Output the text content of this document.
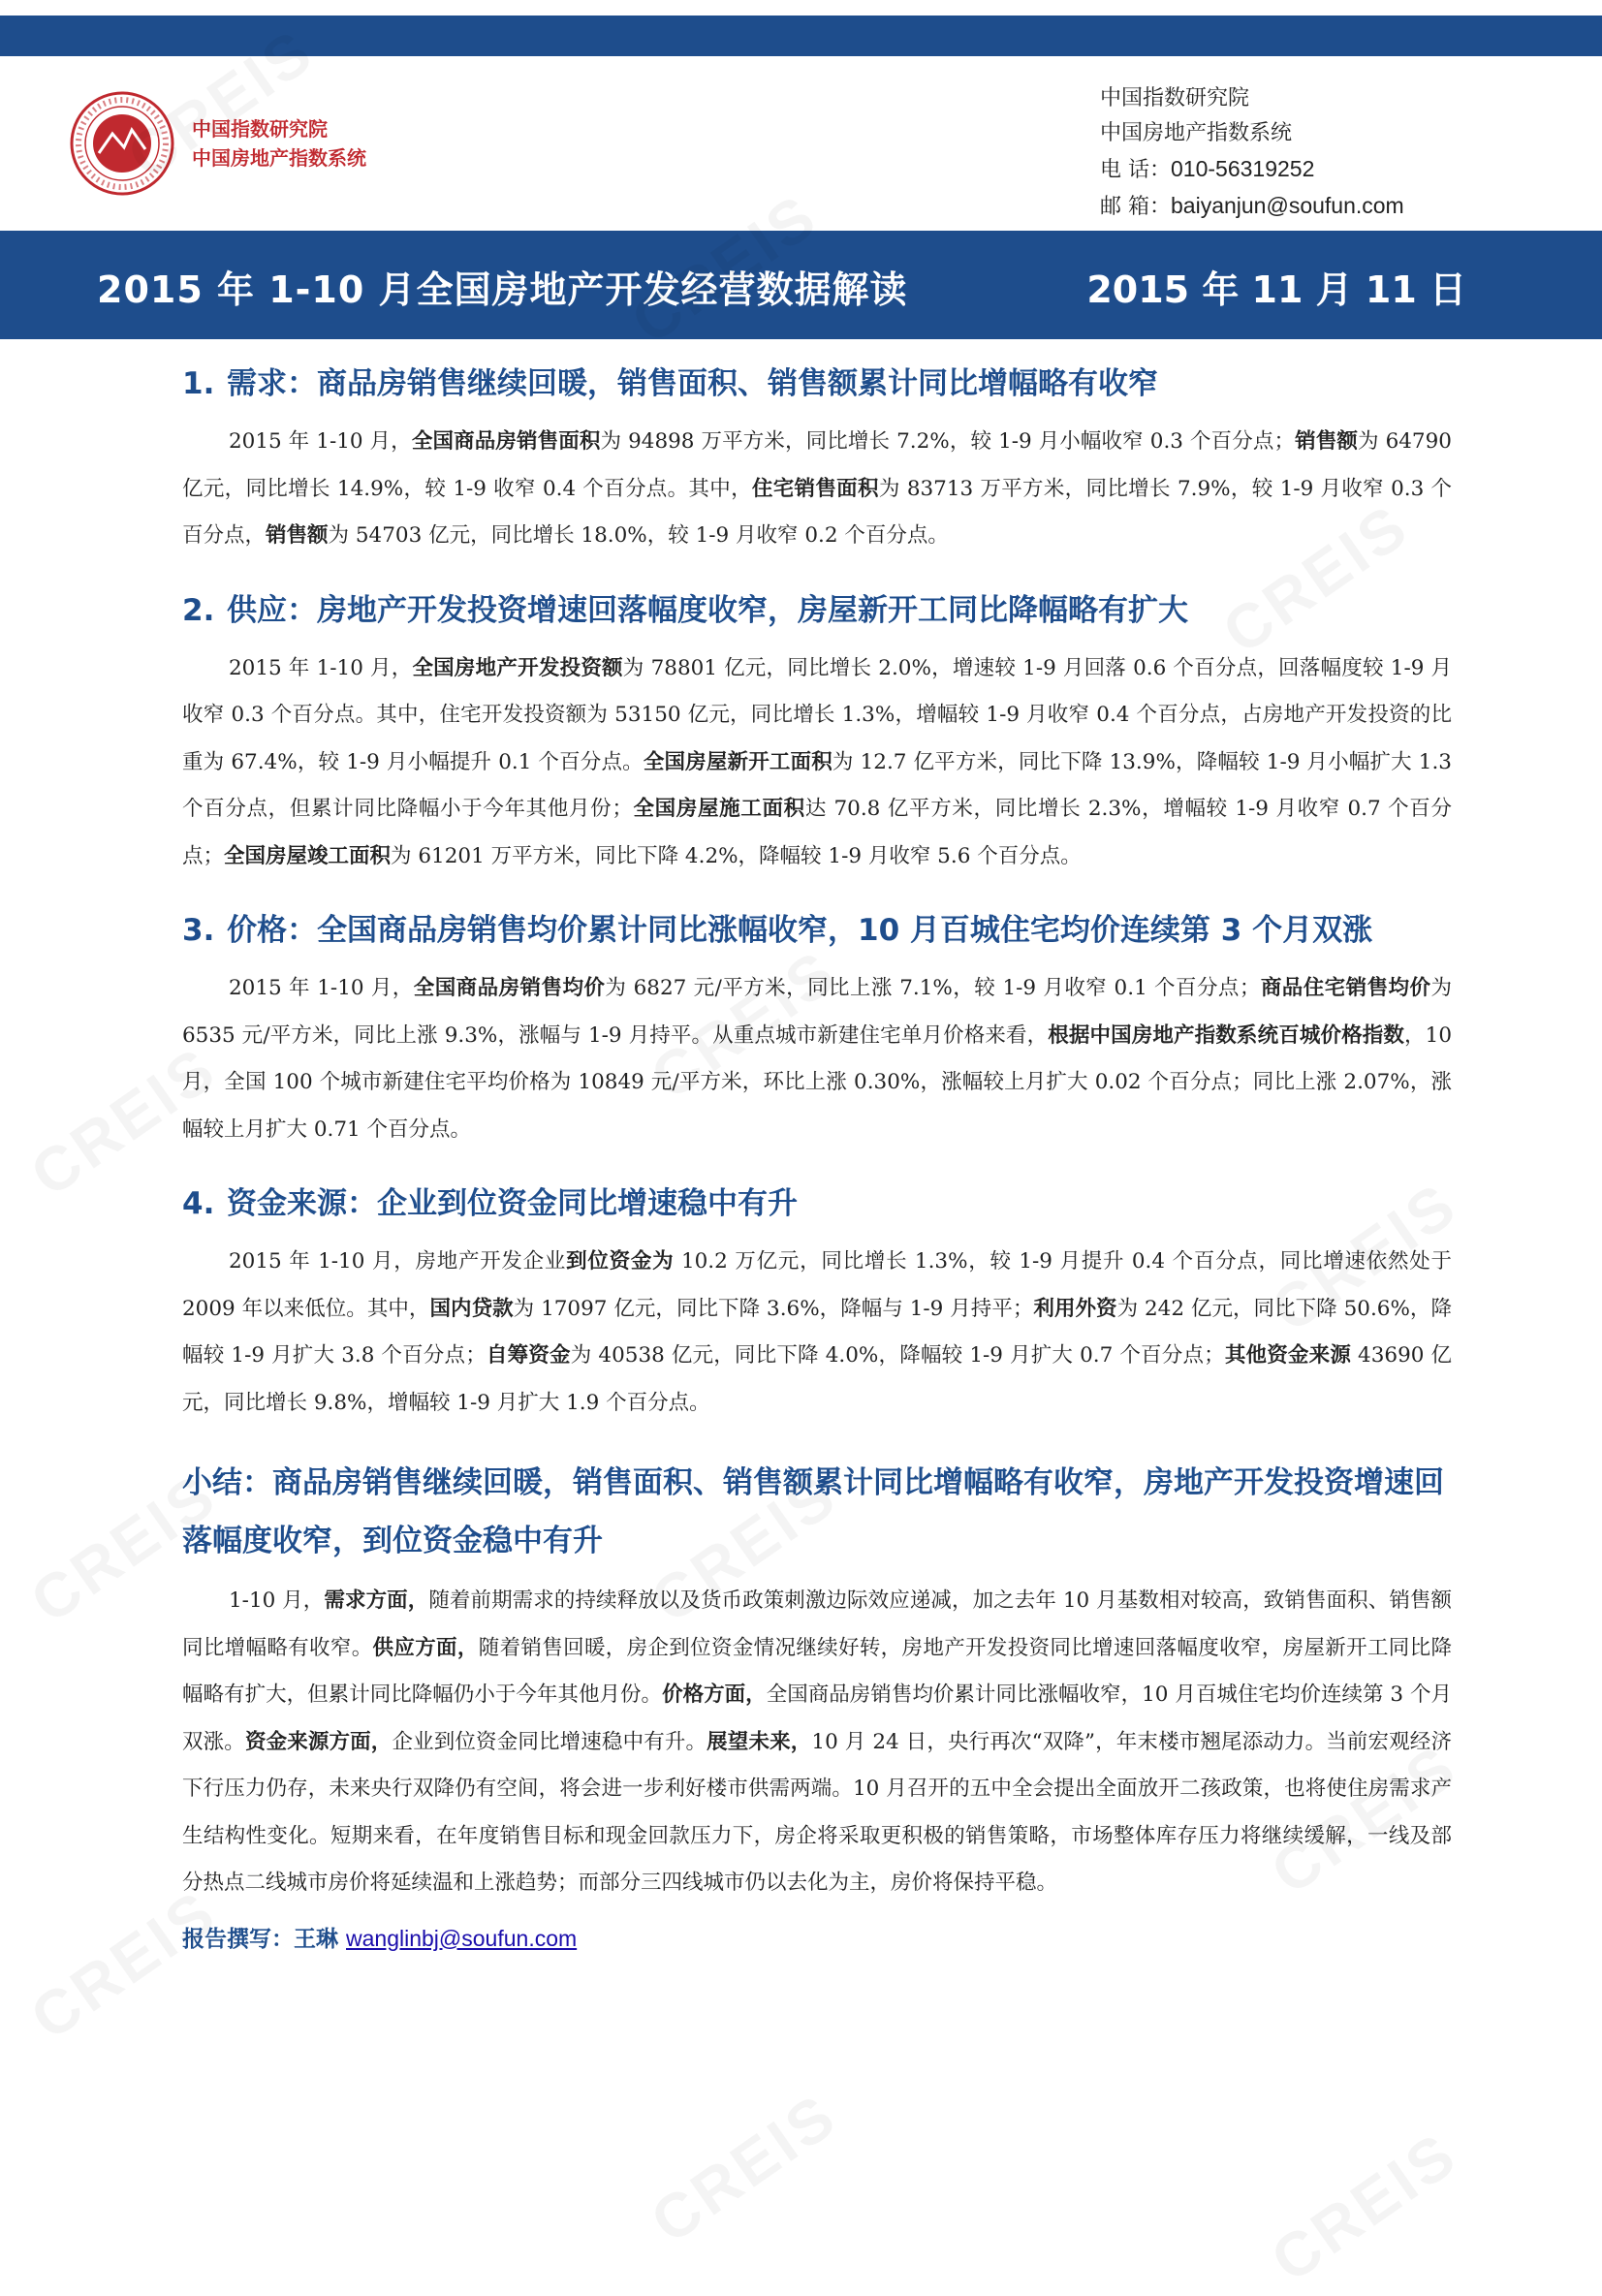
中国指数研究院
中国房地产指数系统
中国指数研究院
中国房地产指数系统
电 话：010-56319252
邮 箱：baiyanjun@soufun.com
2015 年 1-10 月全国房地产开发经营数据解读	2015 年 11 月 11 日
1. 需求：商品房销售继续回暖，销售面积、销售额累计同比增幅略有收窄

2015 年 1-10 月，全国商品房销售面积为 94898 万平方米，同比增长 7.2%，较 1-9 月小幅收窄 0.3 个百分点；销售额为 64790 亿元，同比增长 14.9%，较 1-9 收窄 0.4 个百分点。其中，住宅销售面积为 83713 万平方米，同比增长 7.9%，较 1-9 月收窄 0.3 个百分点，销售额为 54703 亿元，同比增长 18.0%，较 1-9 月收窄 0.2 个百分点。

2. 供应：房地产开发投资增速回落幅度收窄，房屋新开工同比降幅略有扩大

2015 年 1-10 月，全国房地产开发投资额为 78801 亿元，同比增长 2.0%，增速较 1-9 月回落 0.6 个百分点，回落幅度较 1-9 月收窄 0.3 个百分点。其中，住宅开发投资额为 53150 亿元，同比增长 1.3%，增幅较 1-9 月收窄 0.4 个百分点，占房地产开发投资的比重为 67.4%，较 1-9 月小幅提升 0.1 个百分点。全国房屋新开工面积为 12.7 亿平方米，同比下降 13.9%，降幅较 1-9 月小幅扩大 1.3 个百分点，但累计同比降幅小于今年其他月份；全国房屋施工面积达 70.8 亿平方米，同比增长 2.3%，增幅较 1-9 月收窄 0.7 个百分点；全国房屋竣工面积为 61201 万平方米，同比下降 4.2%，降幅较 1-9 月收窄 5.6 个百分点。

3. 价格：全国商品房销售均价累计同比涨幅收窄，10 月百城住宅均价连续第 3 个月双涨

2015 年 1-10 月，全国商品房销售均价为 6827 元/平方米，同比上涨 7.1%，较 1-9 月收窄 0.1 个百分点；商品住宅销售均价为 6535 元/平方米，同比上涨 9.3%，涨幅与 1-9 月持平。从重点城市新建住宅单月价格来看，根据中国房地产指数系统百城价格指数，10 月，全国 100 个城市新建住宅平均价格为 10849 元/平方米，环比上涨 0.30%，涨幅较上月扩大 0.02 个百分点；同比上涨 2.07%，涨幅较上月扩大 0.71 个百分点。

4. 资金来源：企业到位资金同比增速稳中有升

2015 年 1-10 月，房地产开发企业到位资金为 10.2 万亿元，同比增长 1.3%，较 1-9 月提升 0.4 个百分点，同比增速依然处于 2009 年以来低位。其中，国内贷款为 17097 亿元，同比下降 3.6%，降幅与 1-9 月持平；利用外资为 242 亿元，同比下降 50.6%，降幅较 1-9 月扩大 3.8 个百分点；自筹资金为 40538 亿元，同比下降 4.0%，降幅较 1-9 月扩大 0.7 个百分点；其他资金来源 43690 亿元，同比增长 9.8%，增幅较 1-9 月扩大 1.9 个百分点。

小结：商品房销售继续回暖，销售面积、销售额累计同比增幅略有收窄，房地产开发投资增速回落幅度收窄，到位资金稳中有升

1-10 月，需求方面，随着前期需求的持续释放以及货币政策刺激边际效应递减，加之去年 10 月基数相对较高，致销售面积、销售额同比增幅略有收窄。供应方面，随着销售回暖，房企到位资金情况继续好转，房地产开发投资同比增速回落幅度收窄，房屋新开工同比降幅略有扩大，但累计同比降幅仍小于今年其他月份。价格方面，全国商品房销售均价累计同比涨幅收窄，10 月百城住宅均价连续第 3 个月双涨。资金来源方面，企业到位资金同比增速稳中有升。展望未来，10 月 24 日，央行再次“双降”，年末楼市翘尾添动力。当前宏观经济下行压力仍存，未来央行双降仍有空间，将会进一步利好楼市供需两端。10 月召开的五中全会提出全面放开二孩政策，也将使住房需求产生结构性变化。短期来看，在年度销售目标和现金回款压力下，房企将采取更积极的销售策略，市场整体库存压力将继续缓解，一线及部分热点二线城市房价将延续温和上涨趋势；而部分三四线城市仍以去化为主，房价将保持平稳。

报告撰写：王琳 wanglinbj@soufun.com
